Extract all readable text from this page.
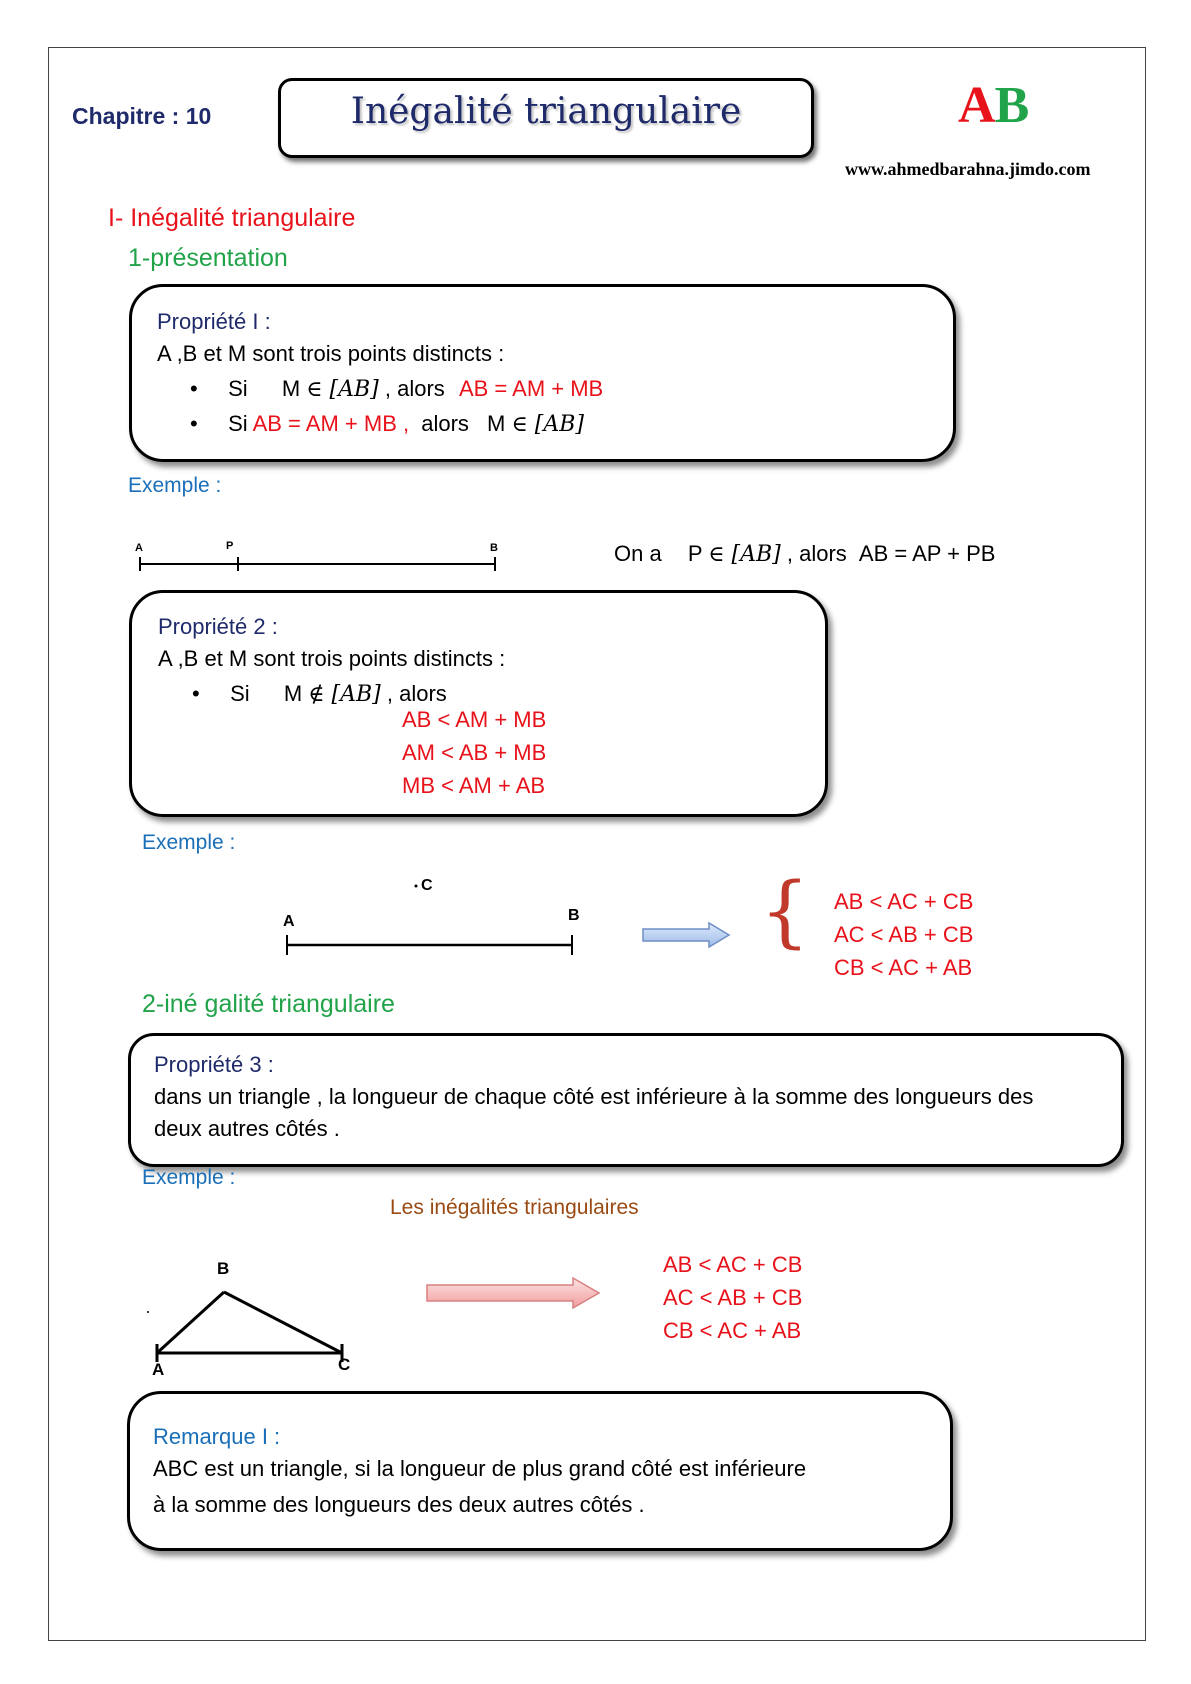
Chapitre : 10	Inégalité triangulaire	AB
www.ahmedbarahna.jimdo.com
I- Inégalité triangulaire
1-présentation
Propriété I :
A ,B et M sont trois points distincts :
• Si M ∈ [AB] , alors AB = AM + MB
• Si AB = AM + MB , alors M ∈ [AB]
Exemple :
A	P	B	On a P ∈ [AB] , alors AB = AP + PB
Propriété 2 :
A ,B et M sont trois points distincts :
• Si M ∉ [AB] , alors
AB < AM + MB
AM < AB + MB
MB < AM + AB
Exemple :
A	B
C	{ AB < AC + CB
AC < AB + CB
CB < AC + AB
2-iné galité triangulaire
Propriété 3 :
dans un triangle , la longueur de chaque côté est inférieure à la somme des longueurs des
deux autres côtés .
Exemple :
Les inégalités triangulaires
B
A	C
AB < AC + CB
AC < AB + CB
CB < AC + AB
Remarque I :
ABC est un triangle, si la longueur de plus grand côté est inférieure
à la somme des longueurs des deux autres côtés .
